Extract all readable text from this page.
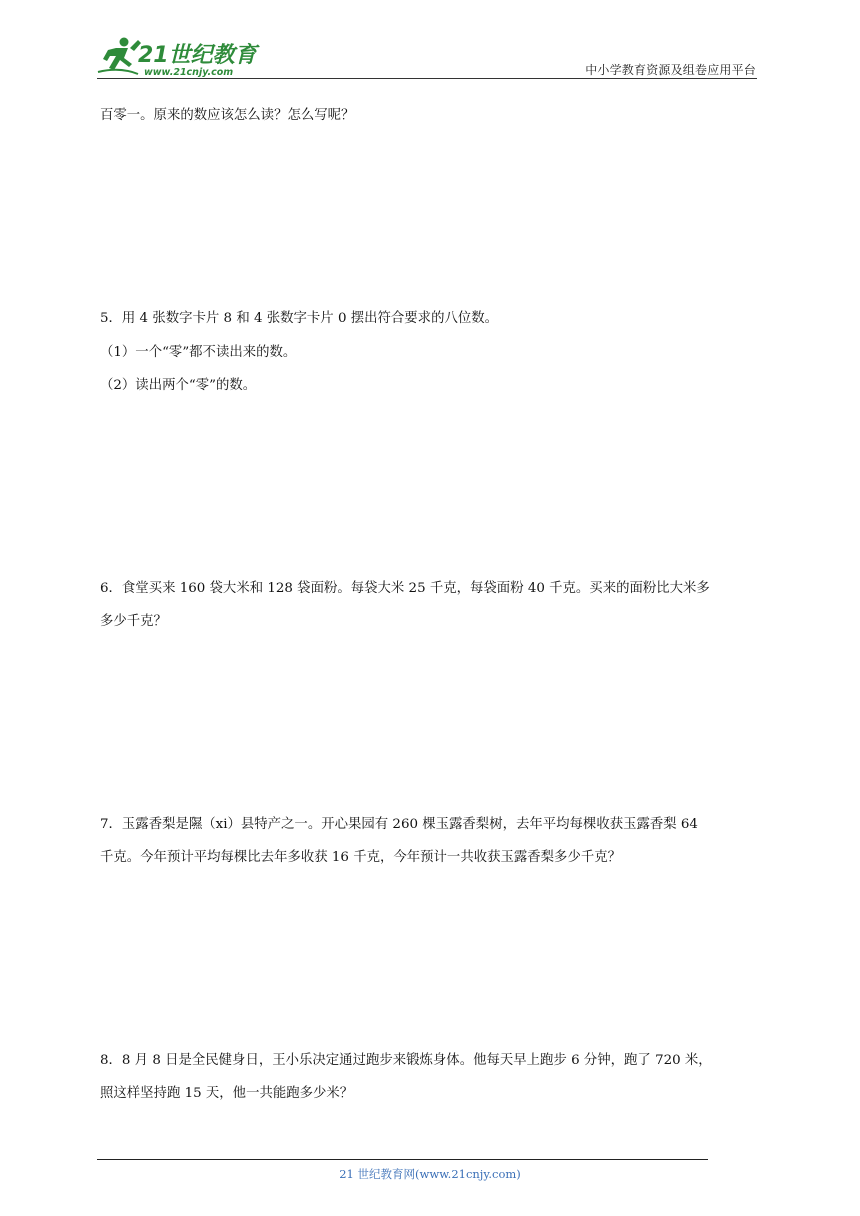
21世纪教育
www.21cnjy.com	中小学教育资源及组卷应用平台
百零一。原来的数应该怎么读？怎么写呢？
5．用 4 张数字卡片 8 和 4 张数字卡片 0 摆出符合要求的八位数。
（1）一个“零”都不读出来的数。
（2）读出两个“零”的数。
6．食堂买来 160 袋大米和 128 袋面粉。每袋大米 25 千克，每袋面粉 40 千克。买来的面粉比大米多
多少千克？
7．玉露香梨是隰（xi）县特产之一。开心果园有 260 棵玉露香梨树，去年平均每棵收获玉露香梨 64
千克。今年预计平均每棵比去年多收获 16 千克，今年预计一共收获玉露香梨多少千克？
8．8 月 8 日是全民健身日，王小乐决定通过跑步来锻炼身体。他每天早上跑步 6 分钟，跑了 720 米，
照这样坚持跑 15 天，他一共能跑多少米？
21 世纪教育网(www.21cnjy.com)
